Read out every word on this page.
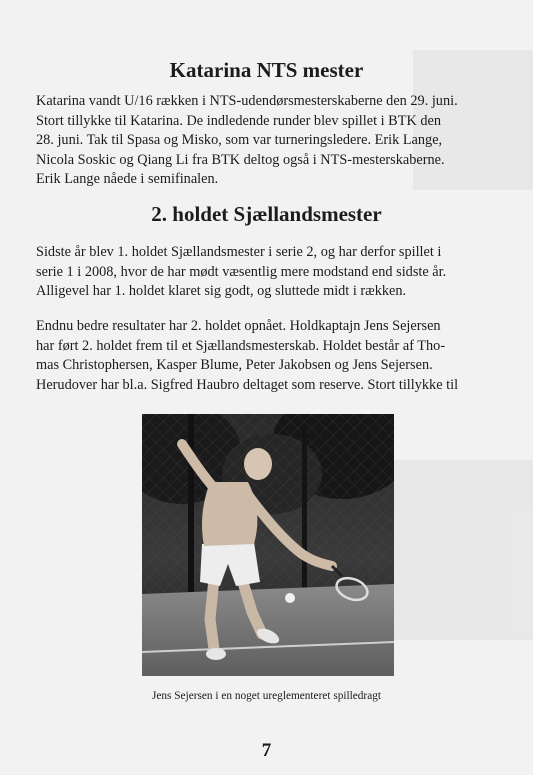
Katarina NTS mester

Katarina vandt U/16 rækken i NTS-udendørsmesterskaberne den 29. juni.
Stort tillykke til Katarina. De indledende runder blev spillet i BTK den
28. juni. Tak til Spasa og Misko, som var turneringsledere. Erik Lange,
Nicola Soskic og Qiang Li fra BTK deltog også i NTS-mesterskaberne.
Erik Lange nåede i semifinalen.

2. holdet Sjællandsmester

Sidste år blev 1. holdet Sjællandsmester i serie 2, og har derfor spillet i
serie 1 i 2008, hvor de har mødt væsentlig mere modstand end sidste år.
Alligevel har 1. holdet klaret sig godt, og sluttede midt i rækken.

Endnu bedre resultater har 2. holdet opnået. Holdkaptajn Jens Sejersen
har ført 2. holdet frem til et Sjællandsmesterskab. Holdet består af Tho-
mas Christophersen, Kasper Blume, Peter Jakobsen og Jens Sejersen.
Herudover har bl.a. Sigfred Haubro deltaget som reserve. Stort tillykke til

Jens Sejersen i en noget ureglementeret spilledragt
7
